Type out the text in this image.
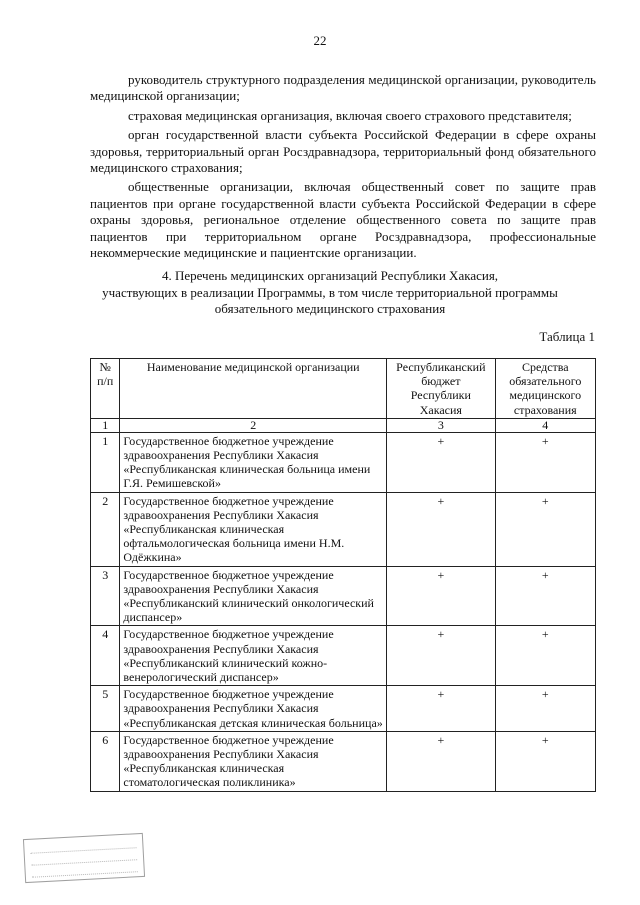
22

руководитель структурного подразделения медицинской организации, руководитель медицинской организации;

страховая медицинская организация, включая своего страхового представителя;

орган государственной власти субъекта Российской Федерации в сфере охраны здоровья, территориальный орган Росздравнадзора, территориальный фонд обязательного медицинского страхования;

общественные организации, включая общественный совет по защите прав пациентов при органе государственной власти субъекта Российской Федерации в сфере охраны здоровья, региональное отделение общественного совета по защите прав пациентов при территориальном органе Росздравнадзора, профессиональные некоммерческие медицинские и пациентские организации.

4. Перечень медицинских организаций Республики Хакасия,
участвующих в реализации Программы, в том числе территориальной программы
обязательного медицинского страхования
Таблица 1
№ п/п	Наименование медицинской организации	Республиканский бюджет Республики Хакасия	Средства обязательного медицинского страхования
1	2	3	4
1	Государственное бюджетное учреждение здравоохранения Республики Хакасия «Республиканская клиническая больница имени Г.Я. Ремишевской»	+	+
2	Государственное бюджетное учреждение здравоохранения Республики Хакасия «Республиканская клиническая офтальмологическая больница имени Н.М. Одёжкина»	+	+
3	Государственное бюджетное учреждение здравоохранения Республики Хакасия «Республиканский клинический онкологический диспансер»	+	+
4	Государственное бюджетное учреждение здравоохранения Республики Хакасия «Республиканский клинический кожно-венерологический диспансер»	+	+
5	Государственное бюджетное учреждение здравоохранения Республики Хакасия «Республиканская детская клиническая больница»	+	+
6	Государственное бюджетное учреждение здравоохранения Республики Хакасия «Республиканская клиническая стоматологическая поликлиника»	+	+
